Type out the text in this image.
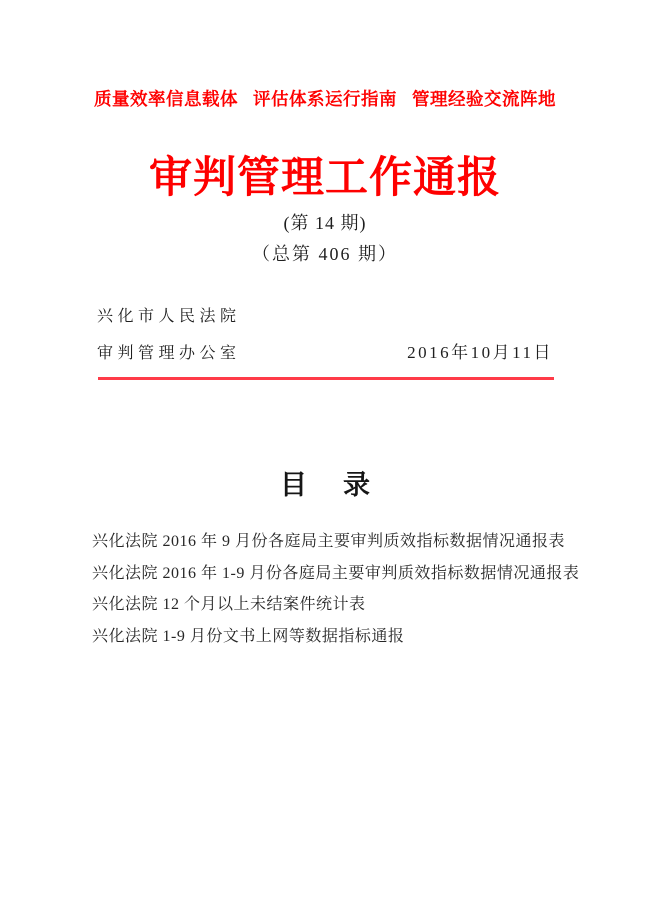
质量效率信息载体 评估体系运行指南 管理经验交流阵地
审判管理工作通报
(第 14 期)
（总第 406 期）
兴化市人民法院
审判管理办公室	2016年10月11日
目 录
兴化法院 2016 年 9 月份各庭局主要审判质效指标数据情况通报表
兴化法院 2016 年 1-9 月份各庭局主要审判质效指标数据情况通报表
兴化法院 12 个月以上未结案件统计表
兴化法院 1-9 月份文书上网等数据指标通报
